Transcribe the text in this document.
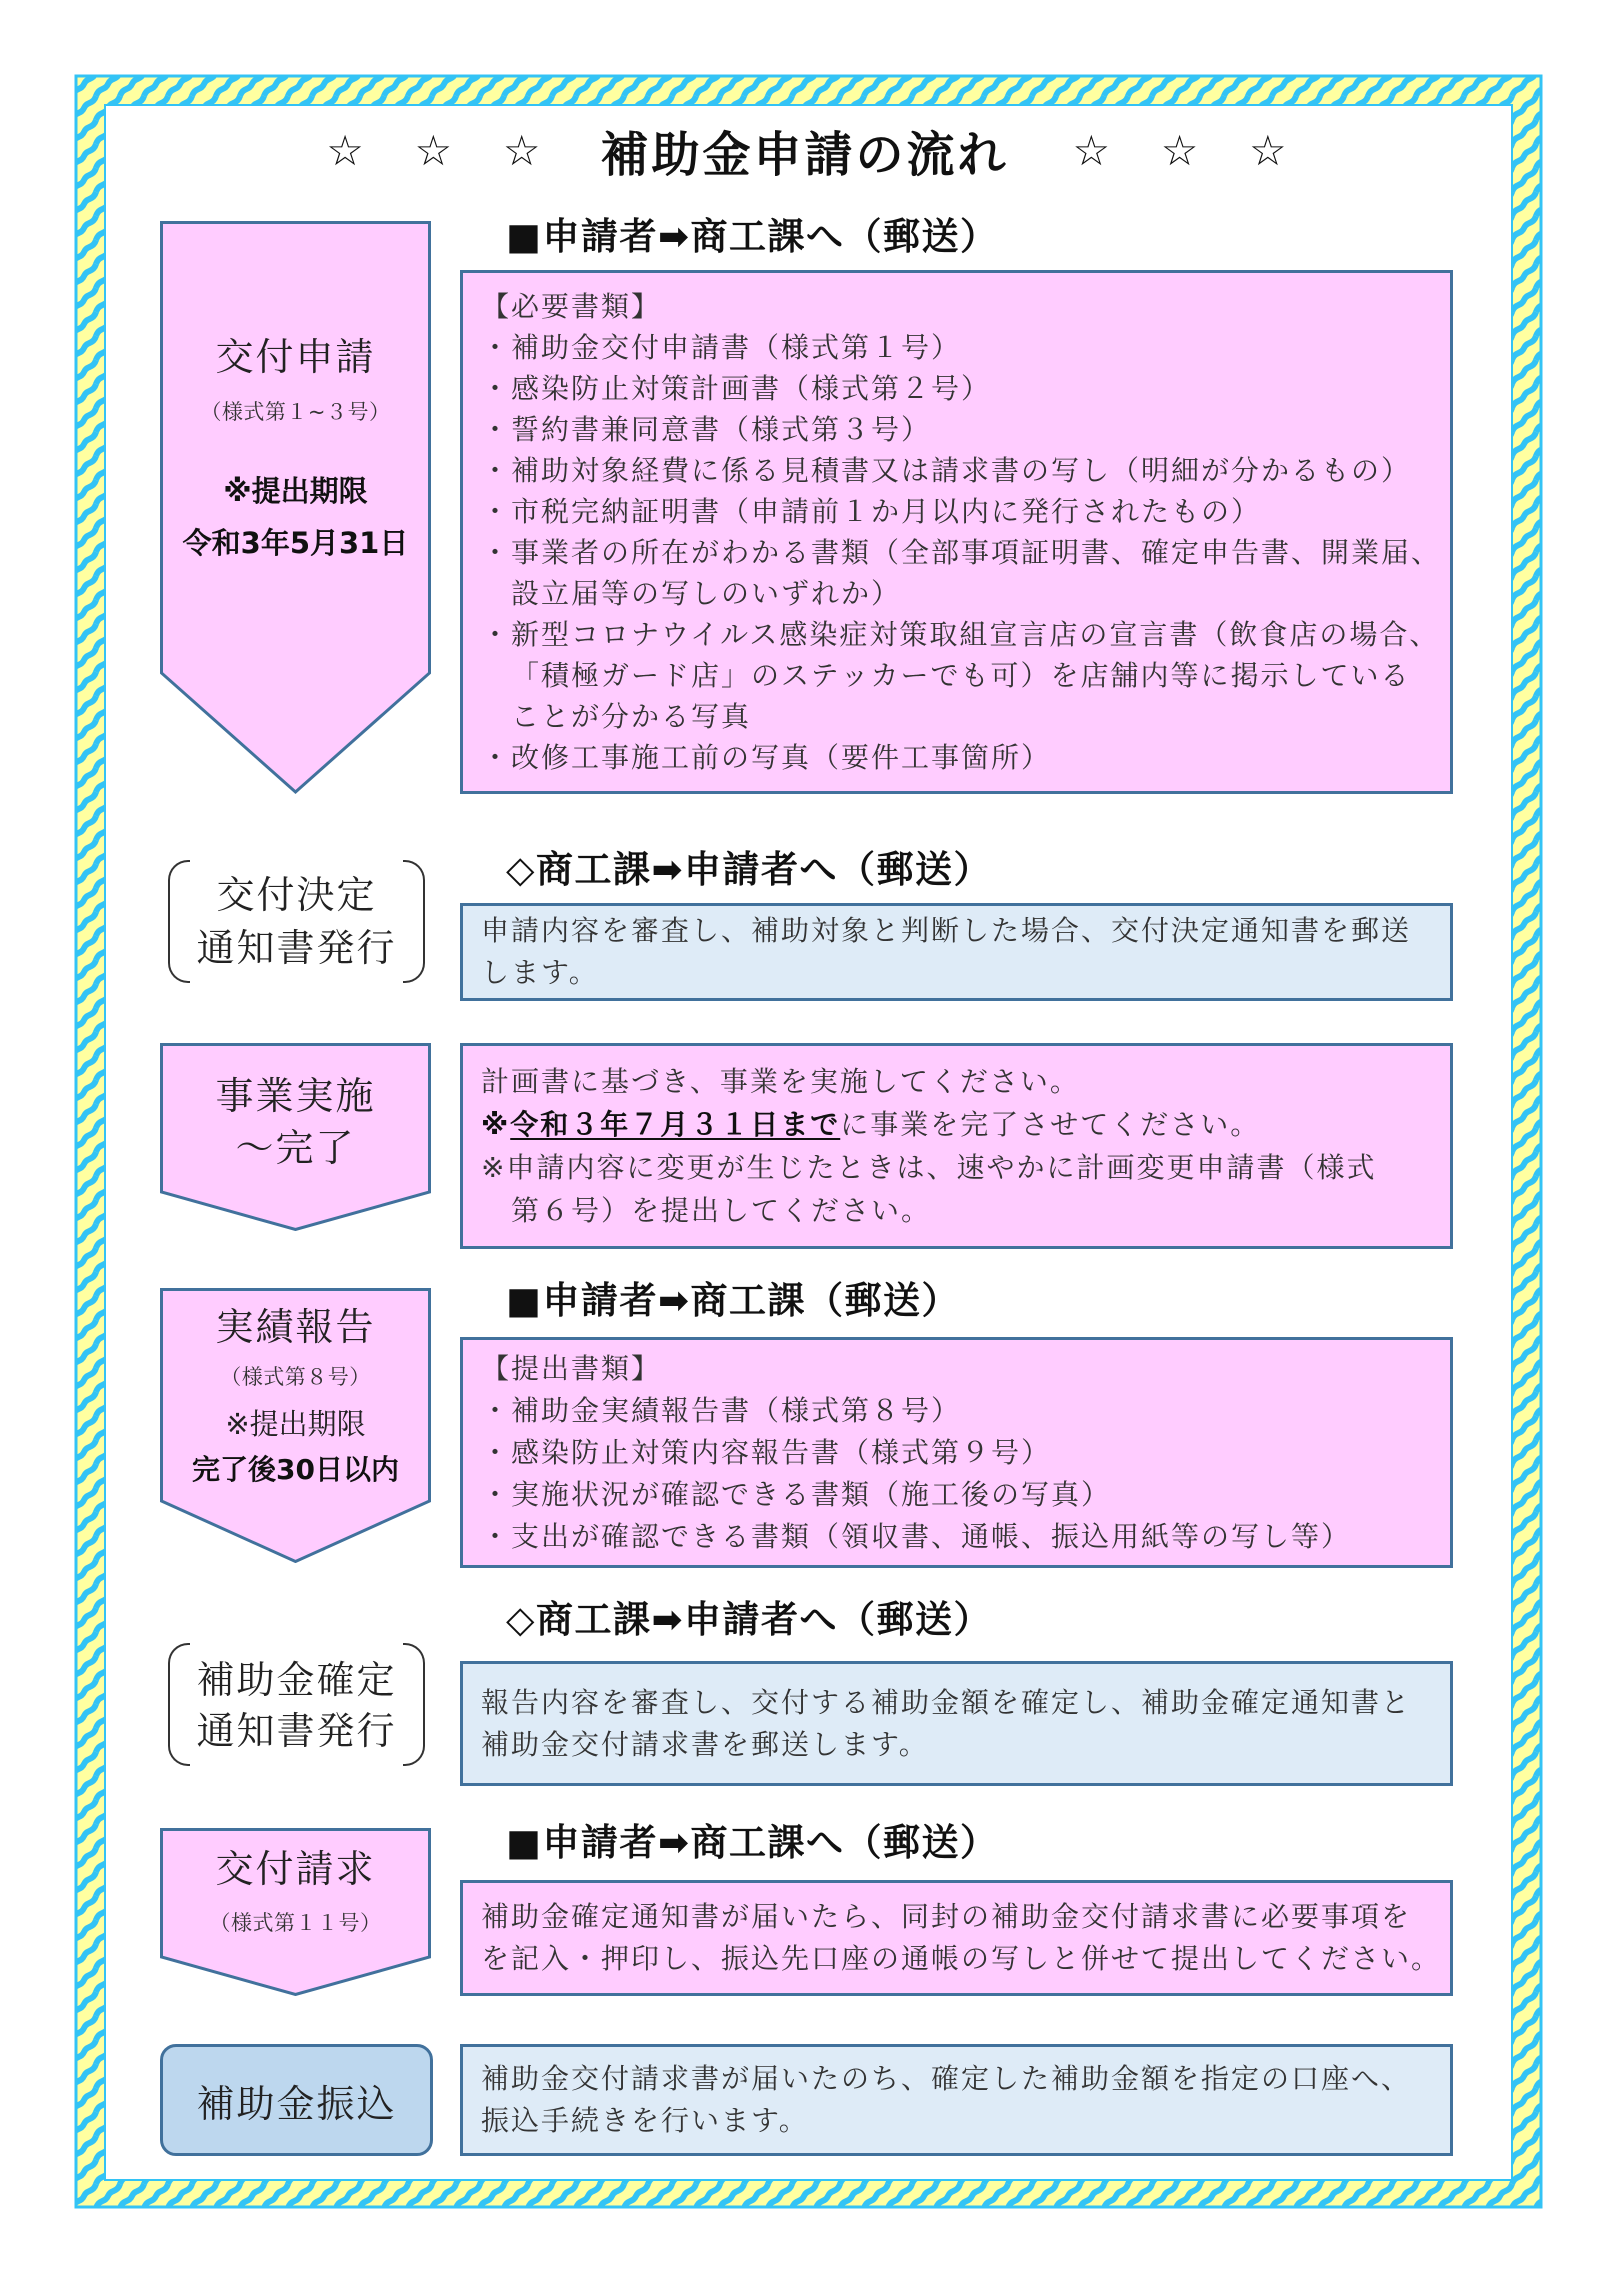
☆ ☆ ☆ 補助金申請の流れ ☆ ☆ ☆
交付申請
（様式第１~３号）
※提出期限
令和3年5月31日
■申請者➡商工課へ（郵送）
【必要書類】
・補助金交付申請書（様式第１号）
・感染防止対策計画書（様式第２号）
・誓約書兼同意書（様式第３号）
・補助対象経費に係る見積書又は請求書の写し（明細が分かるもの）
・市税完納証明書（申請前１か月以内に発行されたもの）
・事業者の所在がわかる書類（全部事項証明書、確定申告書、開業届、
設立届等の写しのいずれか）
・新型コロナウイルス感染症対策取組宣言店の宣言書（飲食店の場合、
「積極ガード店」のステッカーでも可）を店舗内等に掲示している
ことが分かる写真
・改修工事施工前の写真（要件工事箇所）
交付決定
通知書発行
◇商工課➡申請者へ（郵送）
申請内容を審査し、補助対象と判断した場合、交付決定通知書を郵送
します。
事業実施
～完了
計画書に基づき、事業を実施してください。
※令和３年７月３１日までに事業を完了させてください。
※申請内容に変更が生じたときは、速やかに計画変更申請書（様式
第６号）を提出してください。
実績報告
（様式第８号）
※提出期限
完了後30日以内
■申請者➡商工課（郵送）
【提出書類】
・補助金実績報告書（様式第８号）
・感染防止対策内容報告書（様式第９号）
・実施状況が確認できる書類（施工後の写真）
・支出が確認できる書類（領収書、通帳、振込用紙等の写し等）
補助金確定
通知書発行
◇商工課➡申請者へ（郵送）
報告内容を審査し、交付する補助金額を確定し、補助金確定通知書と
補助金交付請求書を郵送します。
交付請求
（様式第１１号）
■申請者➡商工課へ（郵送）
補助金確定通知書が届いたら、同封の補助金交付請求書に必要事項を
を記入・押印し、振込先口座の通帳の写しと併せて提出してください。
補助金振込
補助金交付請求書が届いたのち、確定した補助金額を指定の口座へ、
振込手続きを行います。
